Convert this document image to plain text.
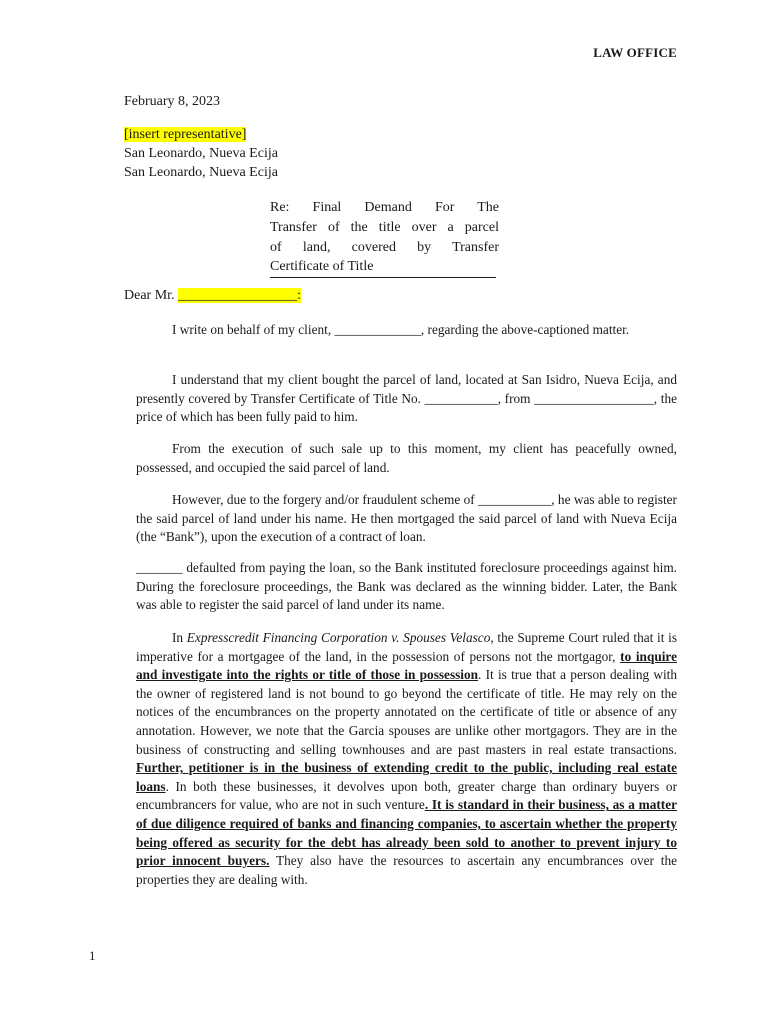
LAW OFFICE
February 8, 2023
[insert representative]
San Leonardo, Nueva Ecija
San Leonardo, Nueva Ecija
Re: Final Demand For The
Transfer of the title over a parcel
of land, covered by Transfer
Certificate of Title
Dear Mr. _________________:
I write on behalf of my client, _____________, regarding the above-captioned matter.
I understand that my client bought the parcel of land, located at San Isidro, Nueva Ecija, and presently covered by Transfer Certificate of Title No. ___________, from __________________, the price of which has been fully paid to him.
From the execution of such sale up to this moment, my client has peacefully owned, possessed, and occupied the said parcel of land.
However, due to the forgery and/or fraudulent scheme of ___________, he was able to register the said parcel of land under his name. He then mortgaged the said parcel of land with Nueva Ecija (the “Bank”), upon the execution of a contract of loan.
_______ defaulted from paying the loan, so the Bank instituted foreclosure proceedings against him. During the foreclosure proceedings, the Bank was declared as the winning bidder. Later, the Bank was able to register the said parcel of land under its name.
In Expresscredit Financing Corporation v. Spouses Velasco, the Supreme Court ruled that it is imperative for a mortgagee of the land, in the possession of persons not the mortgagor, to inquire and investigate into the rights or title of those in possession. It is true that a person dealing with the owner of registered land is not bound to go beyond the certificate of title. He may rely on the notices of the encumbrances on the property annotated on the certificate of title or absence of any annotation. However, we note that the Garcia spouses are unlike other mortgagors. They are in the business of constructing and selling townhouses and are past masters in real estate transactions. Further, petitioner is in the business of extending credit to the public, including real estate loans. In both these businesses, it devolves upon both, greater charge than ordinary buyers or encumbrancers for value, who are not in such venture. It is standard in their business, as a matter of due diligence required of banks and financing companies, to ascertain whether the property being offered as security for the debt has already been sold to another to prevent injury to prior innocent buyers. They also have the resources to ascertain any encumbrances over the properties they are dealing with.
1
